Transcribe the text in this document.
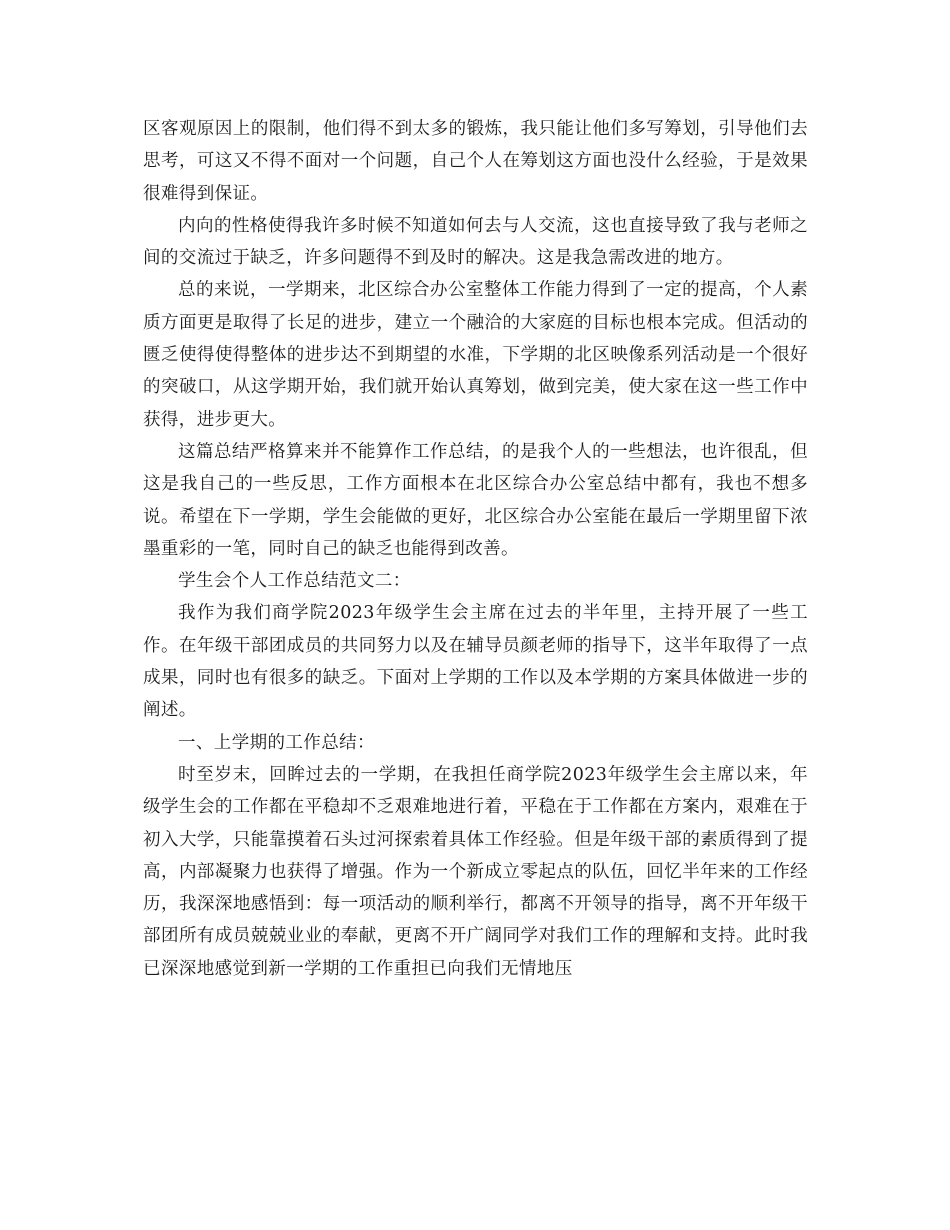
区客观原因上的限制，他们得不到太多的锻炼，我只能让他们多写筹划，引导他们去思考，可这又不得不面对一个问题，自己个人在筹划这方面也没什么经验，于是效果很难得到保证。

内向的性格使得我许多时候不知道如何去与人交流，这也直接导致了我与老师之间的交流过于缺乏，许多问题得不到及时的解决。这是我急需改进的地方。

总的来说，一学期来，北区综合办公室整体工作能力得到了一定的提高，个人素质方面更是取得了长足的进步，建立一个融洽的大家庭的目标也根本完成。但活动的匮乏使得使得整体的进步达不到期望的水准，下学期的北区映像系列活动是一个很好的突破口，从这学期开始，我们就开始认真筹划，做到完美，使大家在这一些工作中获得，进步更大。

这篇总结严格算来并不能算作工作总结，的是我个人的一些想法，也许很乱，但这是我自己的一些反思，工作方面根本在北区综合办公室总结中都有，我也不想多说。希望在下一学期，学生会能做的更好，北区综合办公室能在最后一学期里留下浓墨重彩的一笔，同时自己的缺乏也能得到改善。

学生会个人工作总结范文二：

我作为我们商学院2023年级学生会主席在过去的半年里，主持开展了一些工作。在年级干部团成员的共同努力以及在辅导员颜老师的指导下，这半年取得了一点成果，同时也有很多的缺乏。下面对上学期的工作以及本学期的方案具体做进一步的阐述。

一、上学期的工作总结：

时至岁末，回眸过去的一学期，在我担任商学院2023年级学生会主席以来，年级学生会的工作都在平稳却不乏艰难地进行着，平稳在于工作都在方案内，艰难在于初入大学，只能靠摸着石头过河探索着具体工作经验。但是年级干部的素质得到了提高，内部凝聚力也获得了增强。作为一个新成立零起点的队伍，回忆半年来的工作经历，我深深地感悟到：每一项活动的顺利举行，都离不开领导的指导，离不开年级干部团所有成员兢兢业业的奉献，更离不开广阔同学对我们工作的理解和支持。此时我已深深地感觉到新一学期的工作重担已向我们无情地压
